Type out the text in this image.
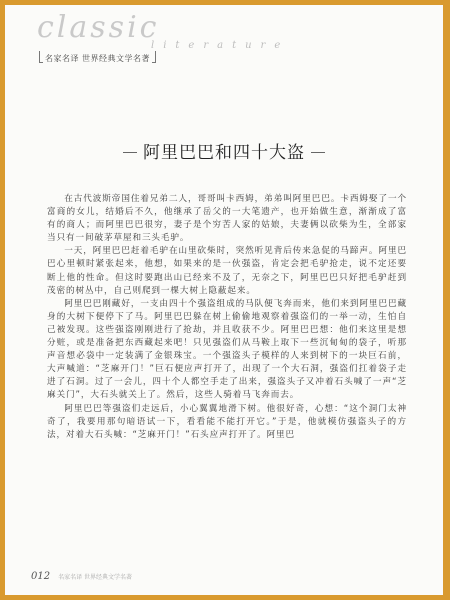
classic
literature
名家名译 世界经典文学名著
阿里巴巴和四十大盗

在古代波斯帝国住着兄弟二人，哥哥叫卡西姆，弟弟叫阿里巴巴。卡西姆娶了一个富商的女儿，结婚后不久，他继承了岳父的一大笔遗产，也开始做生意，渐渐成了富有的商人；而阿里巴巴很穷，妻子是个穷苦人家的姑娘，夫妻俩以砍柴为生，全部家当只有一间破茅草屋和三头毛驴。

一天，阿里巴巴赶着毛驴在山里砍柴时，突然听见背后传来急促的马蹄声。阿里巴巴心里顿时紧张起来，他想，如果来的是一伙强盗，肯定会把毛驴抢走，说不定还要断上他的性命。但这时要跑出山已经来不及了，无奈之下，阿里巴巴只好把毛驴赶到茂密的树丛中，自己则爬到一棵大树上隐蔽起来。

阿里巴巴刚藏好，一支由四十个强盗组成的马队便飞奔而来，他们来到阿里巴巴藏身的大树下便停下了马。阿里巴巴躲在树上偷偷地观察着强盗们的一举一动，生怕自己被发现。这些强盗刚刚进行了抢劫，并且收获不少。阿里巴巴想：他们来这里是想分赃，或是准备把东西藏起来吧！只见强盗们从马鞍上取下一些沉甸甸的袋子，听那声音想必袋中一定装满了金银珠宝。一个强盗头子模样的人来到树下的一块巨石前，大声喊道：“芝麻开门！”巨石便应声打开了，出现了一个大石洞，强盗们扛着袋子走进了石洞。过了一会儿，四十个人都空手走了出来，强盗头子又冲着石头喊了一声“芝麻关门”，大石头就关上了。然后，这些人骑着马飞奔而去。

阿里巴巴等强盗们走远后，小心翼翼地滑下树。他很好奇，心想：“这个洞门太神奇了，我要用那句暗语试一下，看看能不能打开它。”于是，他就模仿强盗头子的方法，对着大石头喊：“芝麻开门！”石头应声打开了。阿里巴

012 名家名译 世界经典文学名著
